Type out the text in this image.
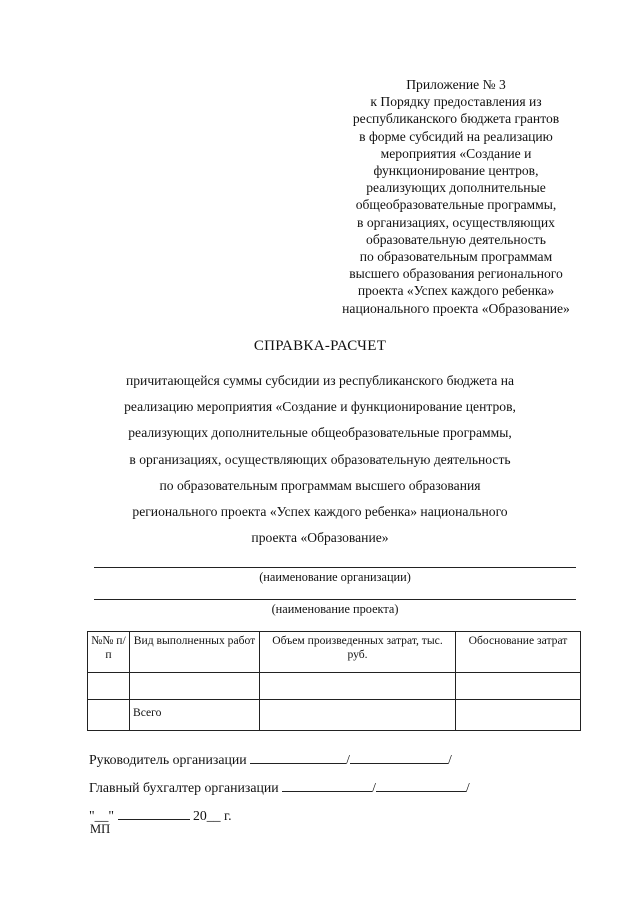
Приложение № 3
к Порядку предоставления из
республиканского бюджета грантов
в форме субсидий на реализацию
мероприятия «Создание и
функционирование центров,
реализующих дополнительные
общеобразовательные программы,
в организациях, осуществляющих
образовательную деятельность
по образовательным программам
высшего образования регионального
проекта «Успех каждого ребенка»
национального проекта «Образование»
СПРАВКА-РАСЧЕТ
причитающейся суммы субсидии из республиканского бюджета на
реализацию мероприятия «Создание и функционирование центров,
реализующих дополнительные общеобразовательные программы,
в организациях, осуществляющих образовательную деятельность
по образовательным программам высшего образования
регионального проекта «Успех каждого ребенка» национального
проекта «Образование»
(наименование организации)
(наименование проекта)
№№ п/п	Вид выполненных работ	Объем произведенных затрат, тыс. руб.	Обоснование затрат

	Всего		
Руководитель организации	/	/
Главный бухгалтер организации	/	/
"__"	20__ г.
МП
